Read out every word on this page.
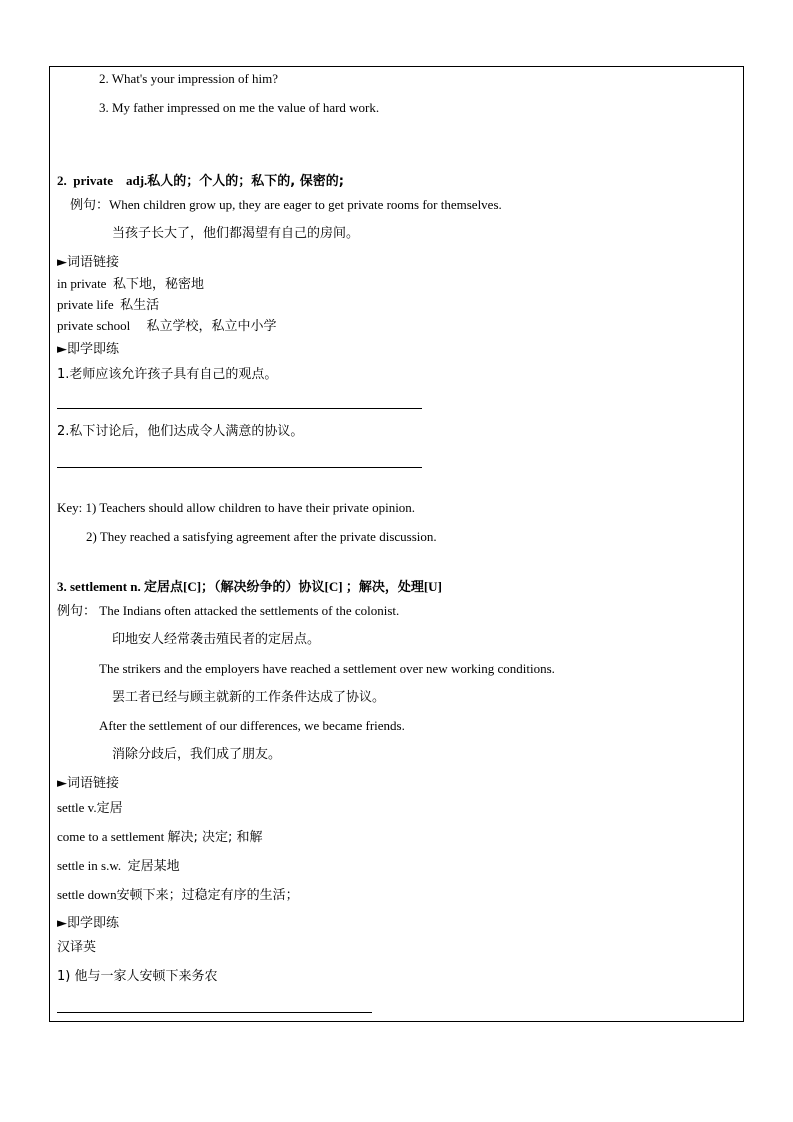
2. What's your impression of him?
3. My father impressed on me the value of hard work.
2. private adj.私人的；个人的；私下的, 保密的;
例句：When children grow up, they are eager to get private rooms for themselves.
当孩子长大了，他们都渴望有自己的房间。
►词语链接
in private 私下地，秘密地
private life 私生活
private school 私立学校，私立中小学
►即学即练
1.老师应该允许孩子具有自己的观点。
2.私下讨论后，他们达成令人满意的协议。
Key: 1) Teachers should allow children to have their private opinion.
2) They reached a satisfying agreement after the private discussion.
3. settlement n. 定居点[C]；（解决纷争的）协议[C] ；解决，处理[U]
例句： The Indians often attacked the settlements of the colonist.
印地安人经常袭击殖民者的定居点。
The strikers and the employers have reached a settlement over new working conditions.
罢工者已经与顾主就新的工作条件达成了协议。
After the settlement of our differences, we became friends.
消除分歧后，我们成了朋友。
►词语链接
settle v.定居
come to a settlement 解决; 决定; 和解
settle in s.w. 定居某地
settle down安顿下来；过稳定有序的生活；
►即学即练
汉译英
1) 他与一家人安顿下来务农
